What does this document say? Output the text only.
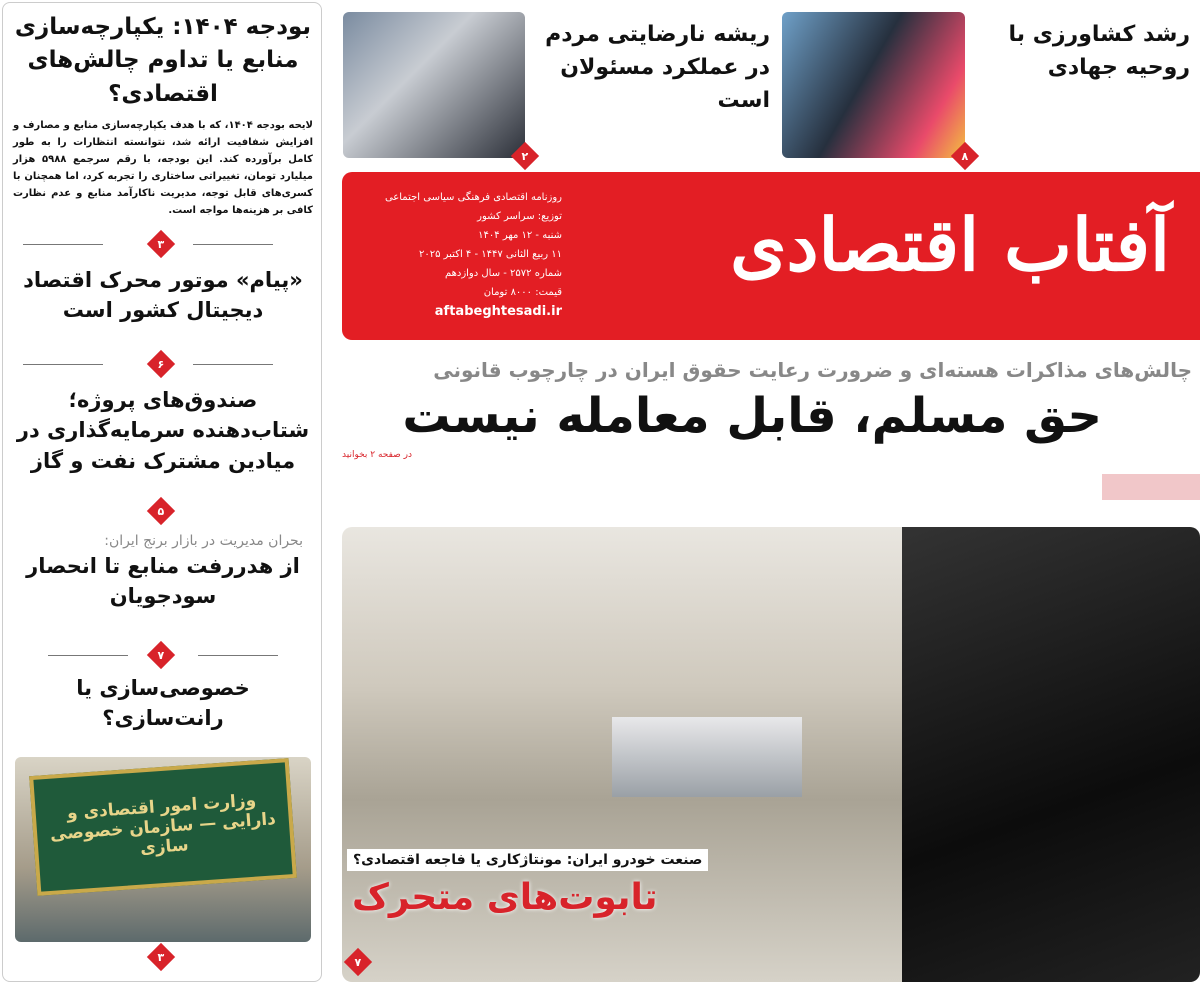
بودجه ۱۴۰۴: یکپارچه‌سازی منابع یا تداوم چالش‌های اقتصادی؟
لایحه بودجه ۱۴۰۴، که با هدف یکپارچه‌سازی منابع و مصارف و افزایش شفافیت ارائه شد، نتوانسته انتظارات را به طور کامل برآورده کند. این بودجه، با رقم سرجمع ۵۹۸۸ هزار میلیارد تومان، تغییراتی ساختاری را تجربه کرد، اما همچنان با کسری‌های قابل توجه، مدیریت ناکارآمد منابع و عدم نظارت کافی بر هزینه‌ها مواجه است.
۳
«پیام» موتور محرک اقتصاد دیجیتال کشور است
۶
صندوق‌های پروژه؛ شتاب‌دهنده سرمایه‌گذاری در میادین مشترک نفت و گاز
۵
بحران مدیریت در بازار برنج ایران:
از هدررفت منابع تا انحصار سودجویان
۷
خصوصی‌سازی یا رانت‌سازی؟
وزارت امور اقتصادی و دارایی — سازمان خصوصی سازی
۳
۲
ریشه نارضایتی مردم در عملکرد مسئولان است
۸
رشد کشاورزی با روحیه جهادی
آفتاب اقتصادی
روزنامه اقتصادی فرهنگی سیاسی اجتماعی
توزیع: سراسر کشور
شنبه - ۱۲ مهر ۱۴۰۴
۱۱ ربیع الثانی ۱۴۴۷ - ۴ اکتبر ۲۰۲۵
شماره ۲۵۷۲ - سال دوازدهم
قیمت: ۸۰۰۰ تومان
aftabeghtesadi.ir
چالش‌های مذاکرات هسته‌ای و ضرورت رعایت حقوق ایران در چارچوب قانونی
حق مسلم، قابل معامله نیست
در صفحه ۲ بخوانید
صنعت خودرو ایران: مونتاژکاری یا فاجعه اقتصادی؟
تابوت‌های متحرک
۷
